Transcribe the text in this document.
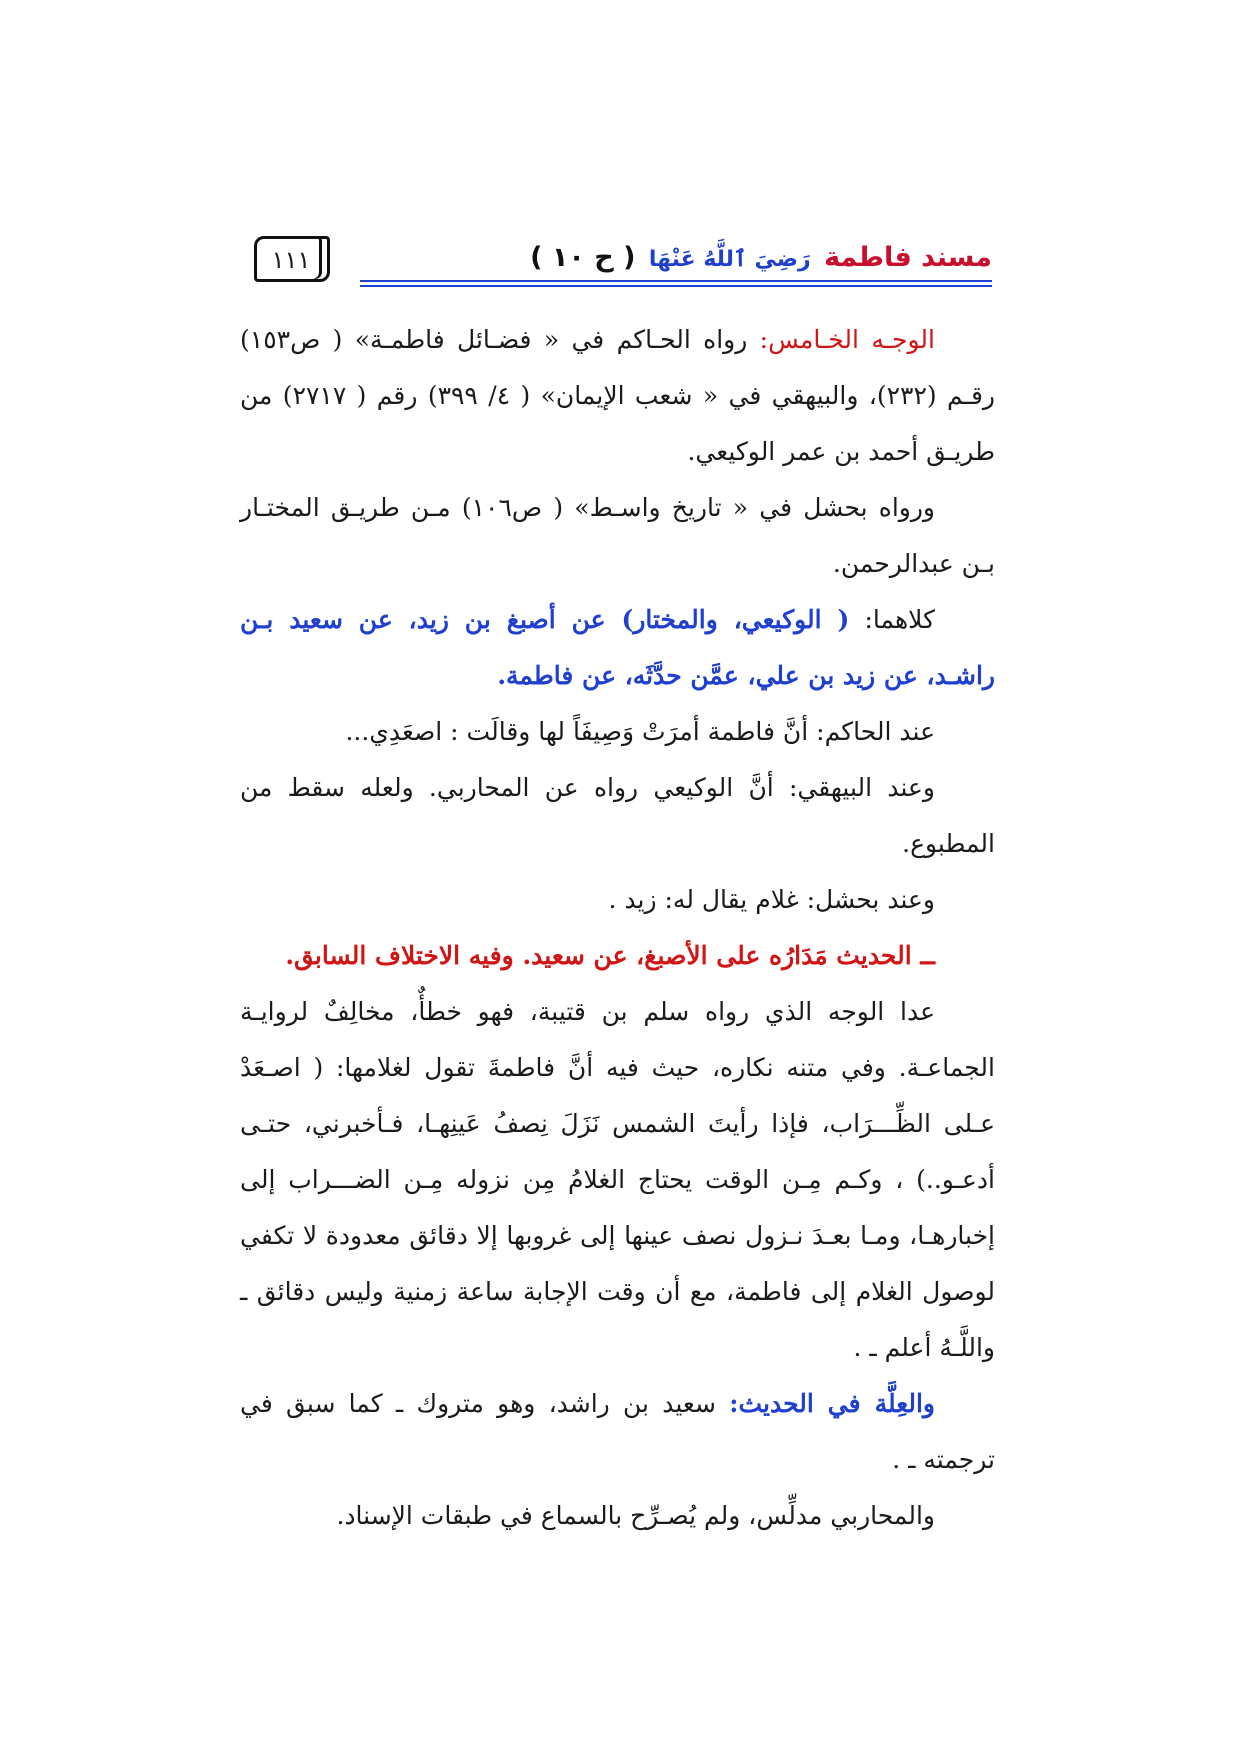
١١١	مسند فاطمة رَضِيَ ٱللَّهُ عَنْهَا ( ح ١٠ )

الوجـه الخـامس: رواه الحـاكم في « فضـائل فاطمـة» ( ص١٥٣) رقـم (٢٣٢)، والبيهقي في « شعب الإيمان» ( ٤/ ٣٩٩) رقم ( ٢٧١٧) من طريـق أحمد بن عمر الوكيعي.

ورواه بحشل في « تاريخ واسـط» ( ص١٠٦) مـن طريـق المختـار بـن عبدالرحمن.

كلاهما: ( الوكيعي، والمختار) عن أصبغ بن زيد، عن سعيد بـن راشـد، عن زيد بن علي، عمَّن حدَّثَه، عن فاطمة.

عند الحاكم: أنَّ فاطمة أمرَتْ وَصِيفَاً لها وقالَت : اصعَدِي...

وعند البيهقي: أنَّ الوكيعي رواه عن المحاربي. ولعله سقط من المطبوع.

وعند بحشل: غلام يقال له: زيد .

ــ الحديث مَدَارُه على الأصبغ، عن سعيد. وفيه الاختلاف السابق.

عدا الوجه الذي رواه سلم بن قتيبة، فهو خطأٌ، مخالِفٌ لروايـة الجماعـة. وفي متنه نكاره، حيث فيه أنَّ فاطمةَ تقول لغلامها: ( اصـعَدْ عـلى الظِّـــرَاب، فإذا رأيتَ الشمس نَزَلَ نِصفُ عَينِهـا، فـأخبرني، حتـى أدعـو..) ، وكـم مِـن الوقت يحتاج الغلامُ مِن نزوله مِـن الضـــراب إلى إخبارهـا، ومـا بعـدَ نـزول نصف عينها إلى غروبها إلا دقائق معدودة لا تكفي لوصول الغلام إلى فاطمة، مع أن وقت الإجابة ساعة زمنية وليس دقائق ـ واللَّـهُ أعلم ـ .

والعِلَّة في الحديث: سعيد بن راشد، وهو متروك ـ كما سبق في ترجمته ـ .

والمحاربي مدلِّس، ولم يُصـرِّح بالسماع في طبقات الإسناد.
